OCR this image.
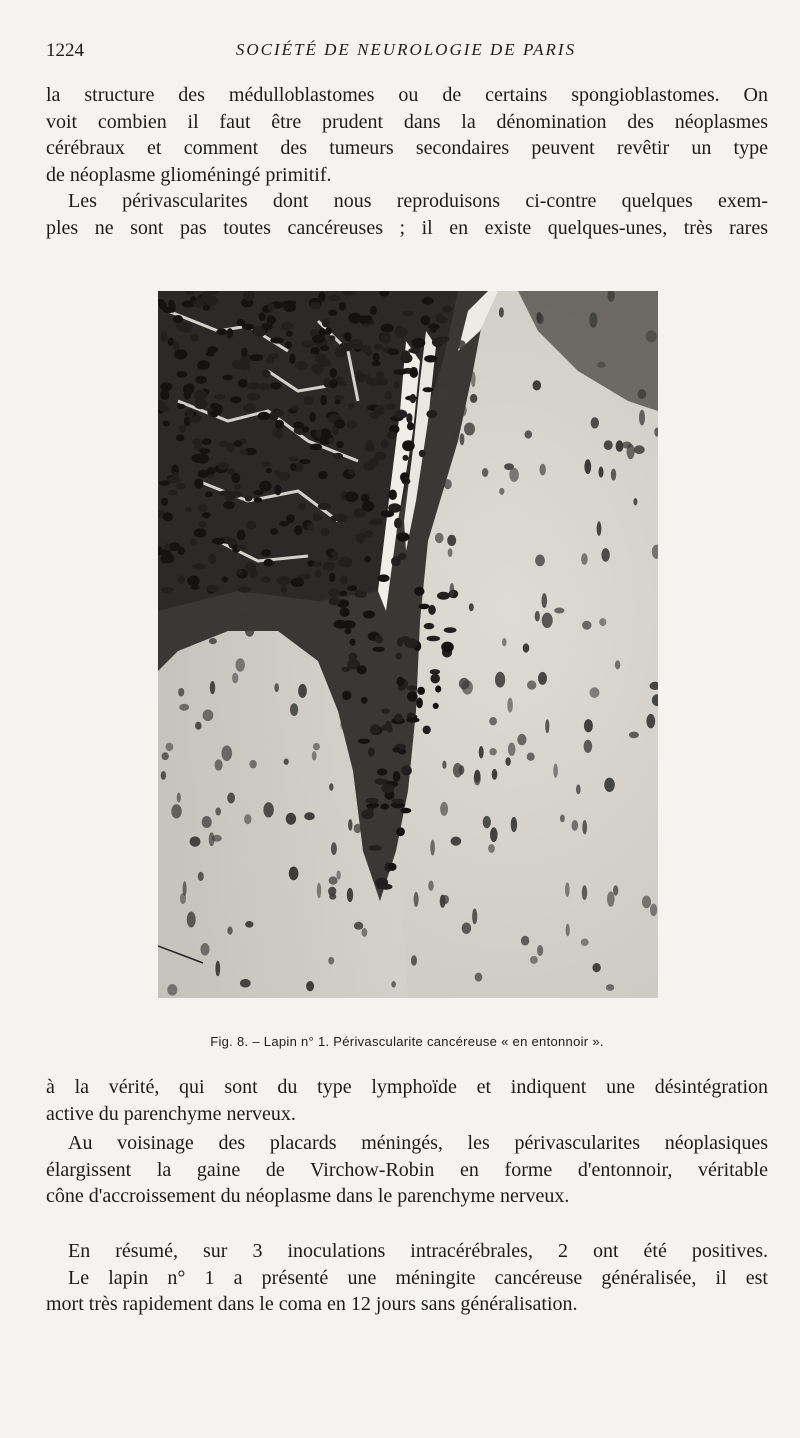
1224	SOCIÉTÉ DE NEUROLOGIE DE PARIS

la structure des médulloblastomes ou de certains spongioblastomes. On
voit combien il faut être prudent dans la dénomination des néoplasmes
cérébraux et comment des tumeurs secondaires peuvent revêtir un type
de néoplasme glioméningé primitif.

Les périvascularites dont nous reproduisons ci-contre quelques exem-
ples ne sont pas toutes cancéreuses ; il en existe quelques-unes, très rares

Fig. 8. – Lapin n° 1. Périvascularite cancéreuse « en entonnoir ».

à la vérité, qui sont du type lymphoïde et indiquent une désintégration
active du parenchyme nerveux.

Au voisinage des placards méningés, les périvascularites néoplasiques
élargissent la gaine de Virchow-Robin en forme d'entonnoir, véritable
cône d'accroissement du néoplasme dans le parenchyme nerveux.

En résumé, sur 3 inoculations intracérébrales, 2 ont été positives.
Le lapin n° 1 a présenté une méningite cancéreuse généralisée, il est
mort très rapidement dans le coma en 12 jours sans généralisation.
